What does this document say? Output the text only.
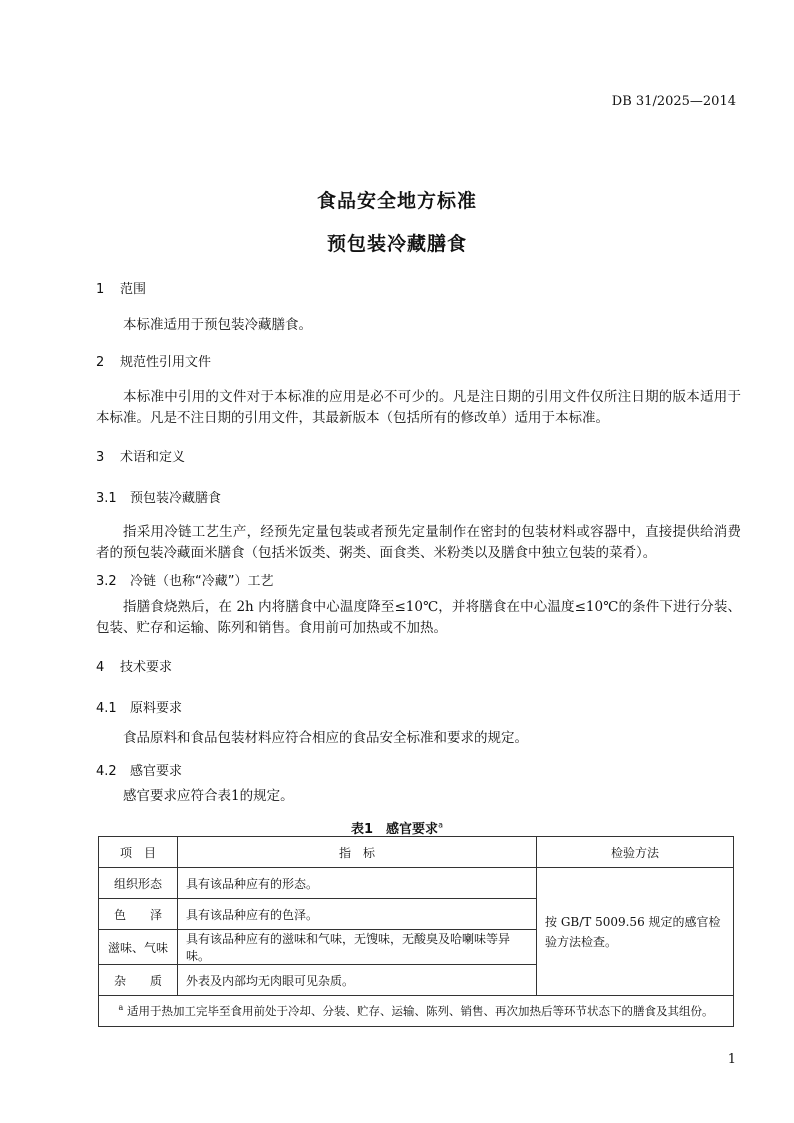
DB 31/2025—2014
食品安全地方标准
预包装冷藏膳食
1 范围
本标准适用于预包装冷藏膳食。
2 规范性引用文件
本标准中引用的文件对于本标准的应用是必不可少的。凡是注日期的引用文件仅所注日期的版本适用于本标准。凡是不注日期的引用文件，其最新版本（包括所有的修改单）适用于本标准。
3 术语和定义
3.1 预包装冷藏膳食
指采用冷链工艺生产，经预先定量包装或者预先定量制作在密封的包装材料或容器中，直接提供给消费者的预包装冷藏面米膳食（包括米饭类、粥类、面食类、米粉类以及膳食中独立包装的菜肴）。
3.2 冷链（也称“冷藏”）工艺
指膳食烧熟后，在 2h 内将膳食中心温度降至≤10℃，并将膳食在中心温度≤10℃的条件下进行分装、包装、贮存和运输、陈列和销售。食用前可加热或不加热。
4 技术要求
4.1 原料要求
食品原料和食品包装材料应符合相应的食品安全标准和要求的规定。
4.2 感官要求
感官要求应符合表1的规定。
表1　感官要求$^a$
项　目	指　标	检验方法
组织形态	具有该品种应有的形态。	按 GB/T 5009.56 规定的感官检验方法检查。
色　　泽	具有该品种应有的色泽。	
滋味、气味	具有该品种应有的滋味和气味，无馊味，无酸臭及哈喇味等异味。	
杂　　质	外表及内部均无肉眼可见杂质。	
$^a$ 适用于热加工完毕至食用前处于冷却、分装、贮存、运输、陈列、销售、再次加热后等环节状态下的膳食及其组份。		
1
